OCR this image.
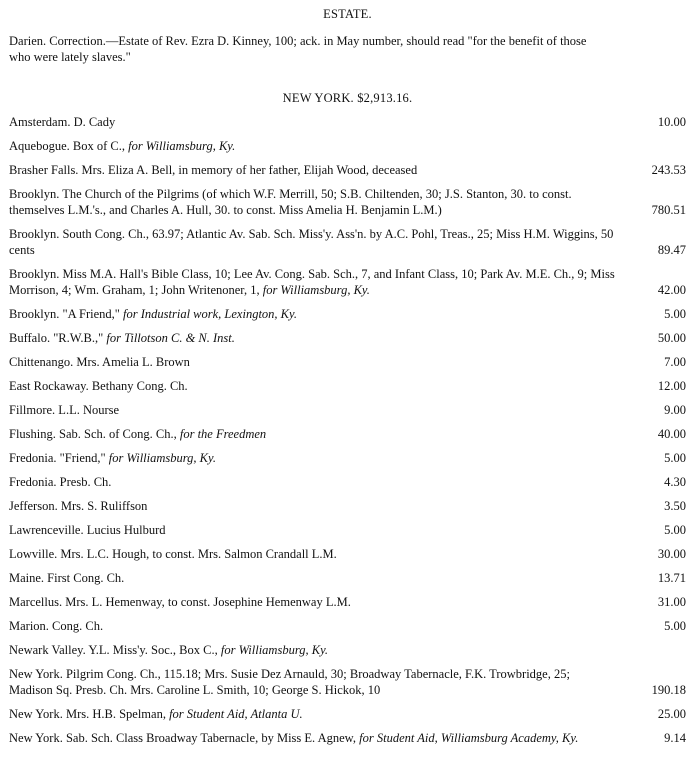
ESTATE.
Darien. Correction.—Estate of Rev. Ezra D. Kinney, 100; ack. in May number, should read "for the benefit of those who were lately slaves."
NEW YORK. $2,913.16.
Amsterdam. D. Cady	10.00
Aquebogue. Box of C., for Williamsburg, Ky.
Brasher Falls. Mrs. Eliza A. Bell, in memory of her father, Elijah Wood, deceased	243.53
Brooklyn. The Church of the Pilgrims (of which W.F. Merrill, 50; S.B. Chiltenden, 30; J.S. Stanton, 30. to const. themselves L.M.'s., and Charles A. Hull, 30. to const. Miss Amelia H. Benjamin L.M.)	780.51
Brooklyn. South Cong. Ch., 63.97; Atlantic Av. Sab. Sch. Miss'y. Ass'n. by A.C. Pohl, Treas., 25; Miss H.M. Wiggins, 50 cents	89.47
Brooklyn. Miss M.A. Hall's Bible Class, 10; Lee Av. Cong. Sab. Sch., 7, and Infant Class, 10; Park Av. M.E. Ch., 9; Miss Morrison, 4; Wm. Graham, 1; John Writenoner, 1, for Williamsburg, Ky.	42.00
Brooklyn. "A Friend," for Industrial work, Lexington, Ky.	5.00
Buffalo. "R.W.B.," for Tillotson C. & N. Inst.	50.00
Chittenango. Mrs. Amelia L. Brown	7.00
East Rockaway. Bethany Cong. Ch.	12.00
Fillmore. L.L. Nourse	9.00
Flushing. Sab. Sch. of Cong. Ch., for the Freedmen	40.00
Fredonia. "Friend," for Williamsburg, Ky.	5.00
Fredonia. Presb. Ch.	4.30
Jefferson. Mrs. S. Ruliffson	3.50
Lawrenceville. Lucius Hulburd	5.00
Lowville. Mrs. L.C. Hough, to const. Mrs. Salmon Crandall L.M.	30.00
Maine. First Cong. Ch.	13.71
Marcellus. Mrs. L. Hemenway, to const. Josephine Hemenway L.M.	31.00
Marion. Cong. Ch.	5.00
Newark Valley. Y.L. Miss'y. Soc., Box C., for Williamsburg, Ky.
New York. Pilgrim Cong. Ch., 115.18; Mrs. Susie Dez Arnauld, 30; Broadway Tabernacle, F.K. Trowbridge, 25; Madison Sq. Presb. Ch. Mrs. Caroline L. Smith, 10; George S. Hickok, 10	190.18
New York. Mrs. H.B. Spelman, for Student Aid, Atlanta U.	25.00
New York. Sab. Sch. Class Broadway Tabernacle, by Miss E. Agnew, for Student Aid, Williamsburg Academy, Ky.	9.14
